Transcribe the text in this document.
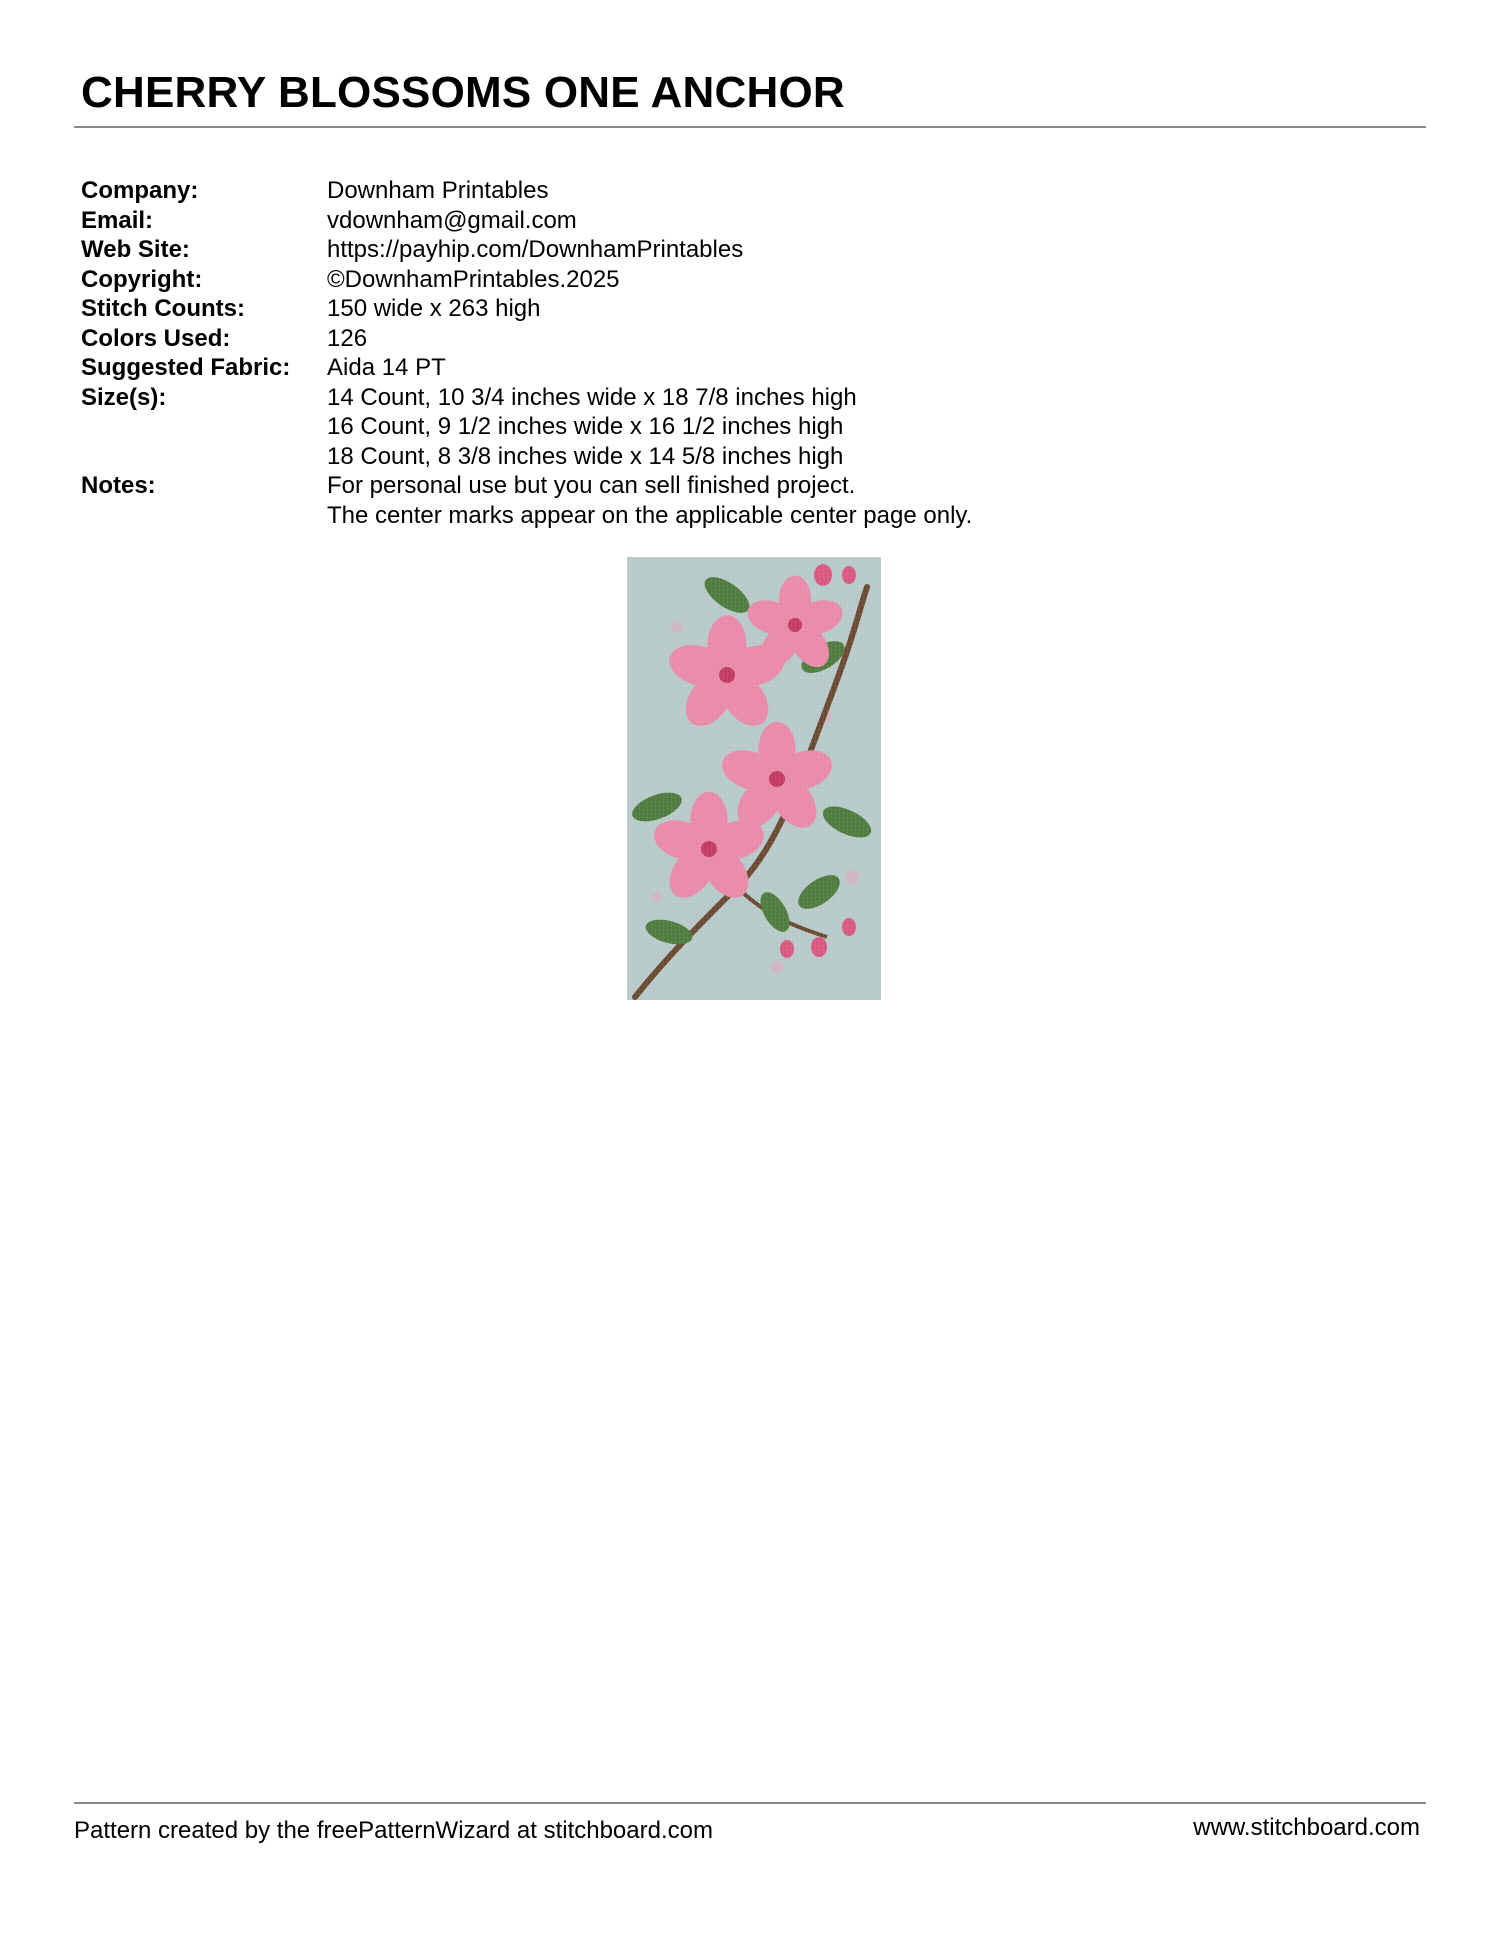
CHERRY BLOSSOMS ONE ANCHOR
Company:	Downham Printables
Email:	vdownham@gmail.com
Web Site:	https://payhip.com/DownhamPrintables
Copyright:	©DownhamPrintables.2025
Stitch Counts:	150 wide x 263 high
Colors Used:	126
Suggested Fabric:	Aida 14 PT
Size(s):	14 Count, 10 3/4 inches wide x 18 7/8 inches high
16 Count, 9 1/2 inches wide x 16 1/2 inches high
18 Count, 8 3/8 inches wide x 14 5/8 inches high

Notes:	For personal use but you can sell finished project.
The center marks appear on the applicable center page only.
Pattern created by the freePatternWizard at stitchboard.com	www.stitchboard.com
